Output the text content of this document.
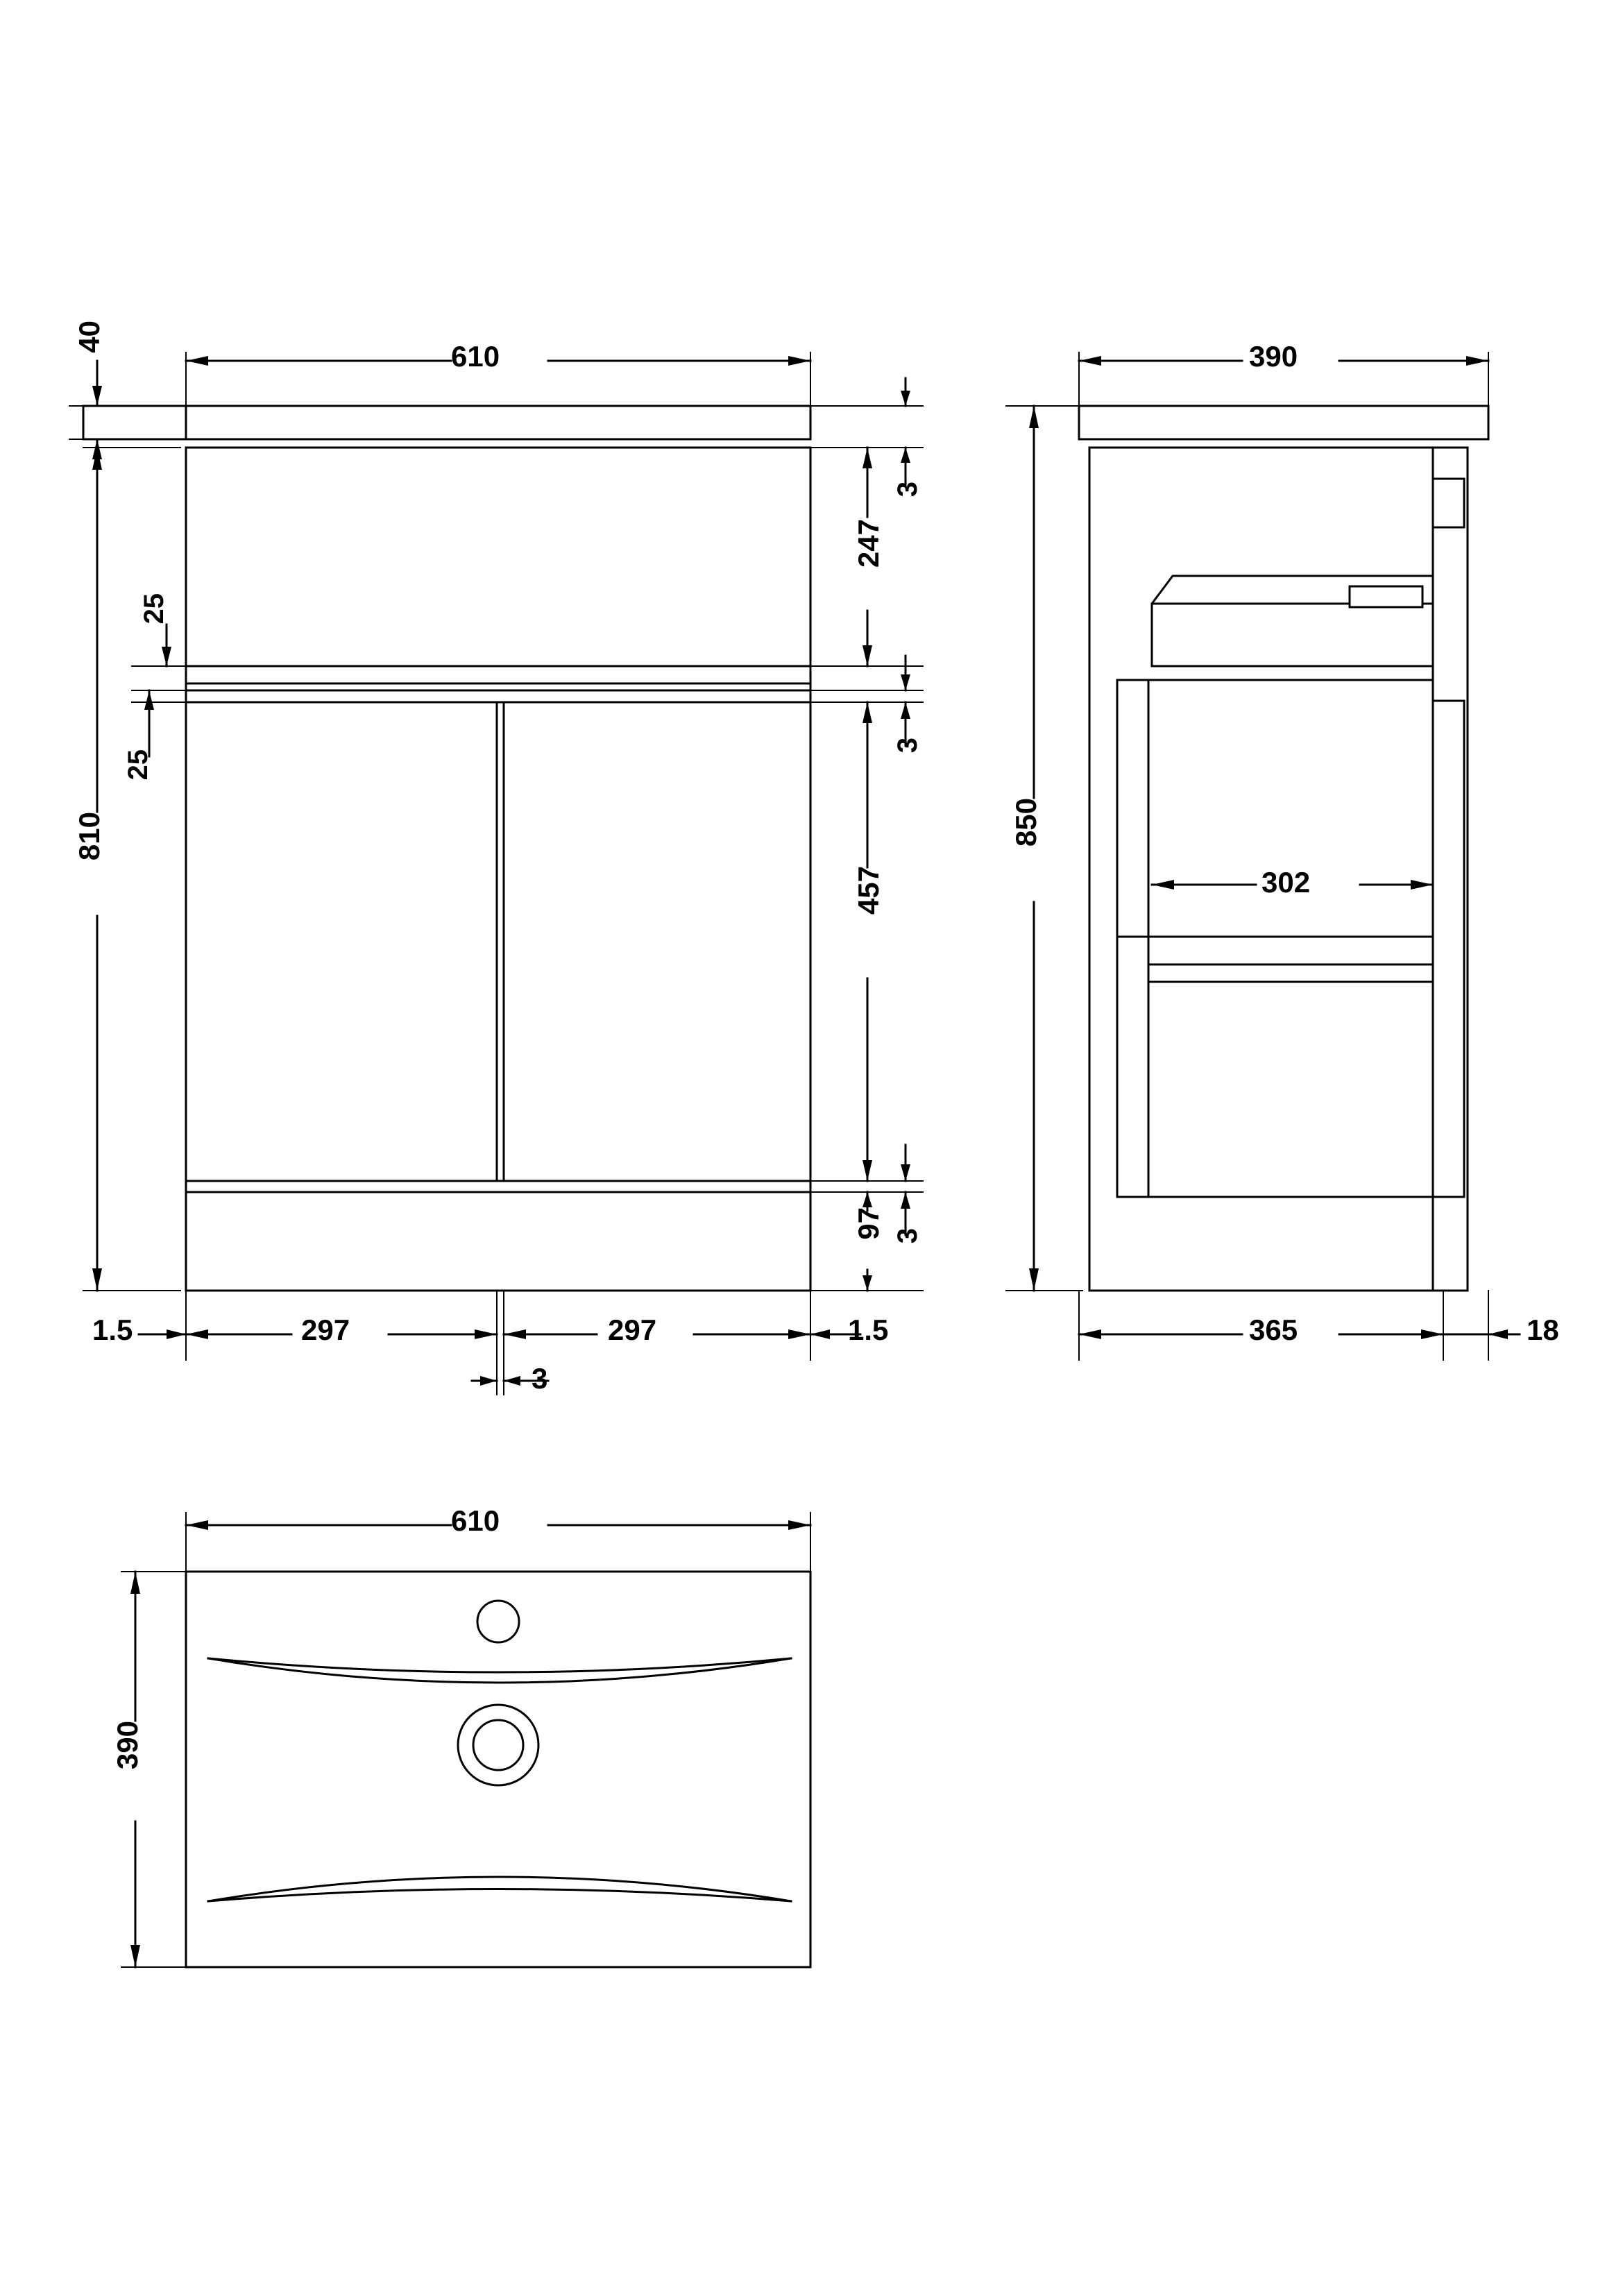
610
40
810
25
25
3
247
3
457
3
97
1.5	297	297	1.5
3
390
850
302
365	18
610
390
